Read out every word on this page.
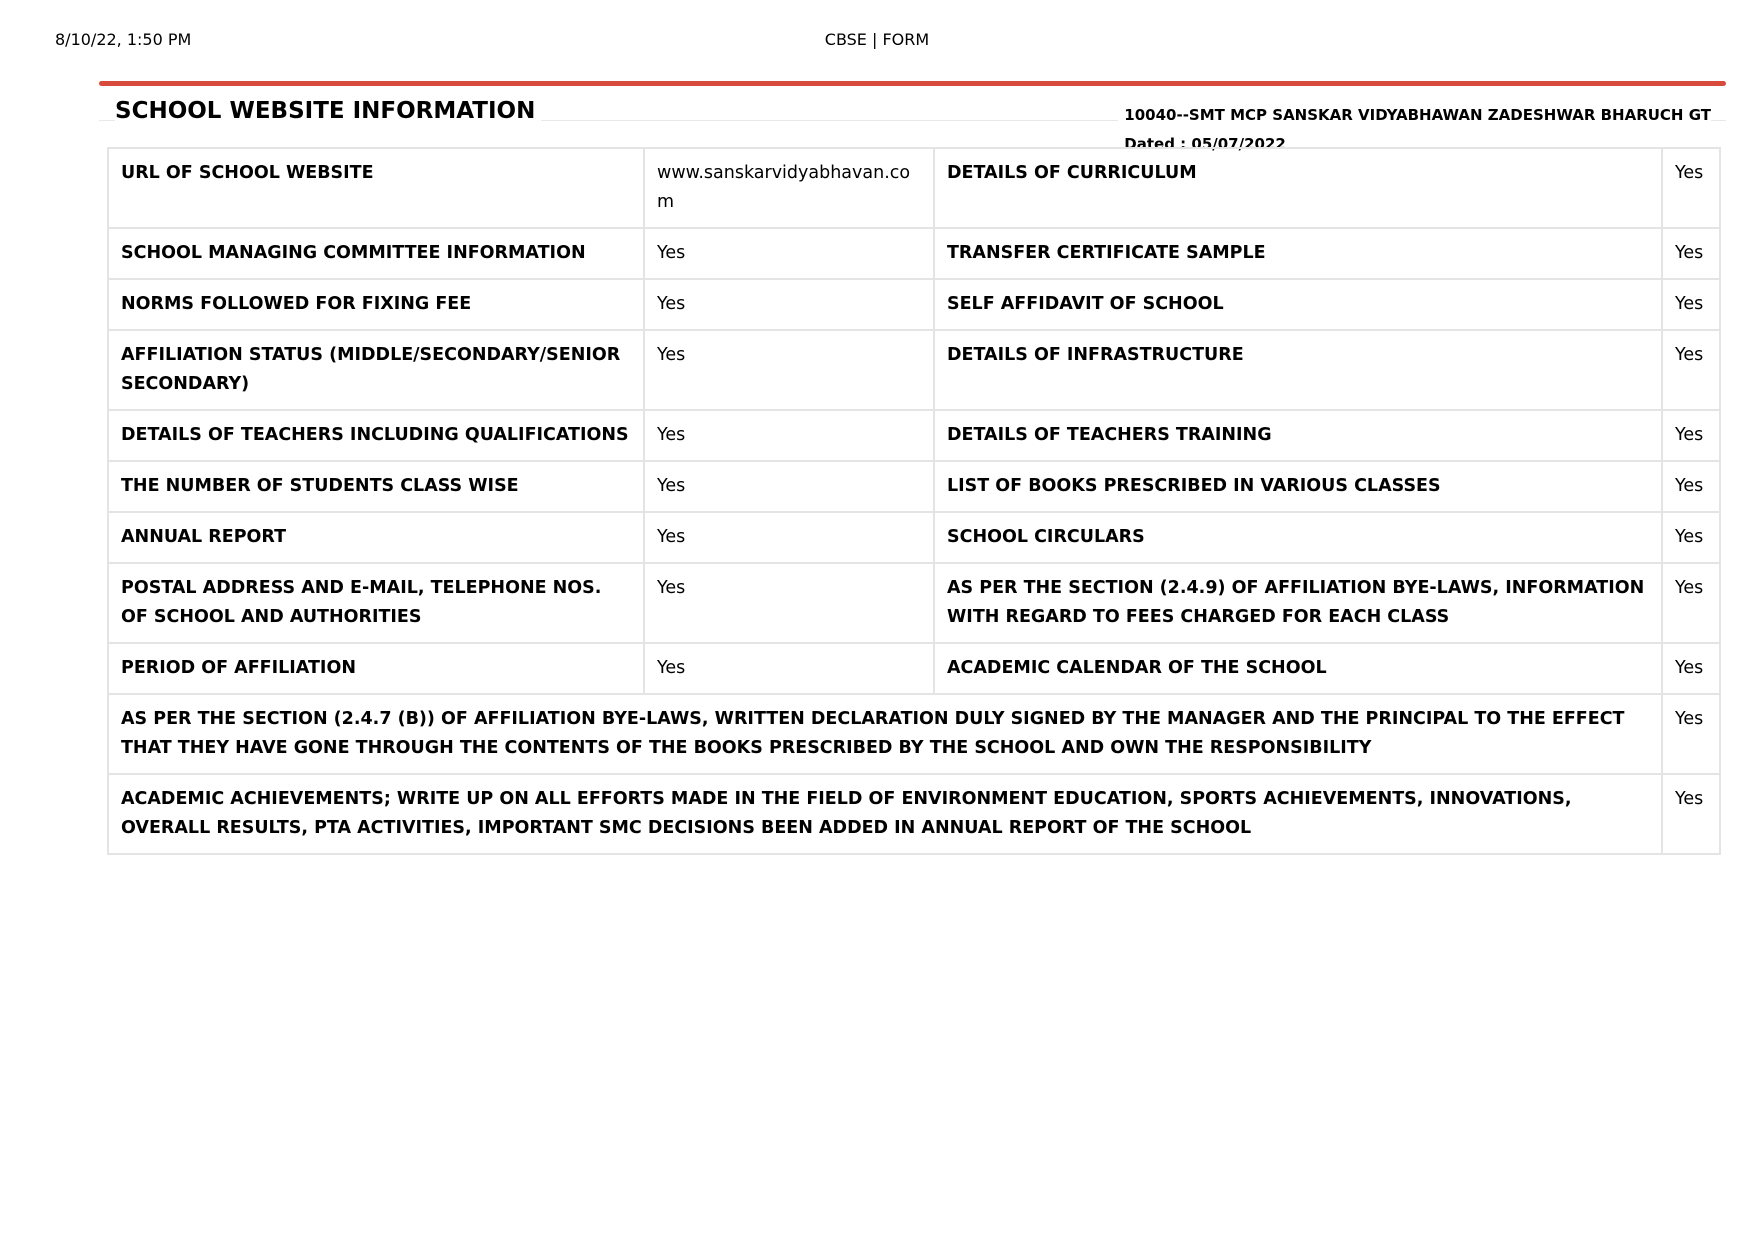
8/10/22, 1:50 PM	CBSE | FORM
SCHOOL WEBSITE INFORMATION	10040--SMT MCP SANSKAR VIDYABHAWAN ZADESHWAR BHARUCH GT
Dated : 05/07/2022
URL OF SCHOOL WEBSITE	www.sanskarvidyabhavan.com	DETAILS OF CURRICULUM	Yes
SCHOOL MANAGING COMMITTEE INFORMATION	Yes	TRANSFER CERTIFICATE SAMPLE	Yes
NORMS FOLLOWED FOR FIXING FEE	Yes	SELF AFFIDAVIT OF SCHOOL	Yes
AFFILIATION STATUS (MIDDLE/SECONDARY/SENIOR SECONDARY)	Yes	DETAILS OF INFRASTRUCTURE	Yes
DETAILS OF TEACHERS INCLUDING QUALIFICATIONS	Yes	DETAILS OF TEACHERS TRAINING	Yes
THE NUMBER OF STUDENTS CLASS WISE	Yes	LIST OF BOOKS PRESCRIBED IN VARIOUS CLASSES	Yes
ANNUAL REPORT	Yes	SCHOOL CIRCULARS	Yes
POSTAL ADDRESS AND E-MAIL, TELEPHONE NOS. OF SCHOOL AND AUTHORITIES	Yes	AS PER THE SECTION (2.4.9) OF AFFILIATION BYE-LAWS, INFORMATION WITH REGARD TO FEES CHARGED FOR EACH CLASS	Yes
PERIOD OF AFFILIATION	Yes	ACADEMIC CALENDAR OF THE SCHOOL	Yes
AS PER THE SECTION (2.4.7 (B)) OF AFFILIATION BYE-LAWS, WRITTEN DECLARATION DULY SIGNED BY THE MANAGER AND THE PRINCIPAL TO THE EFFECT THAT THEY HAVE GONE THROUGH THE CONTENTS OF THE BOOKS PRESCRIBED BY THE SCHOOL AND OWN THE RESPONSIBILITY			Yes
ACADEMIC ACHIEVEMENTS; WRITE UP ON ALL EFFORTS MADE IN THE FIELD OF ENVIRONMENT EDUCATION, SPORTS ACHIEVEMENTS, INNOVATIONS, OVERALL RESULTS, PTA ACTIVITIES, IMPORTANT SMC DECISIONS BEEN ADDED IN ANNUAL REPORT OF THE SCHOOL			Yes
